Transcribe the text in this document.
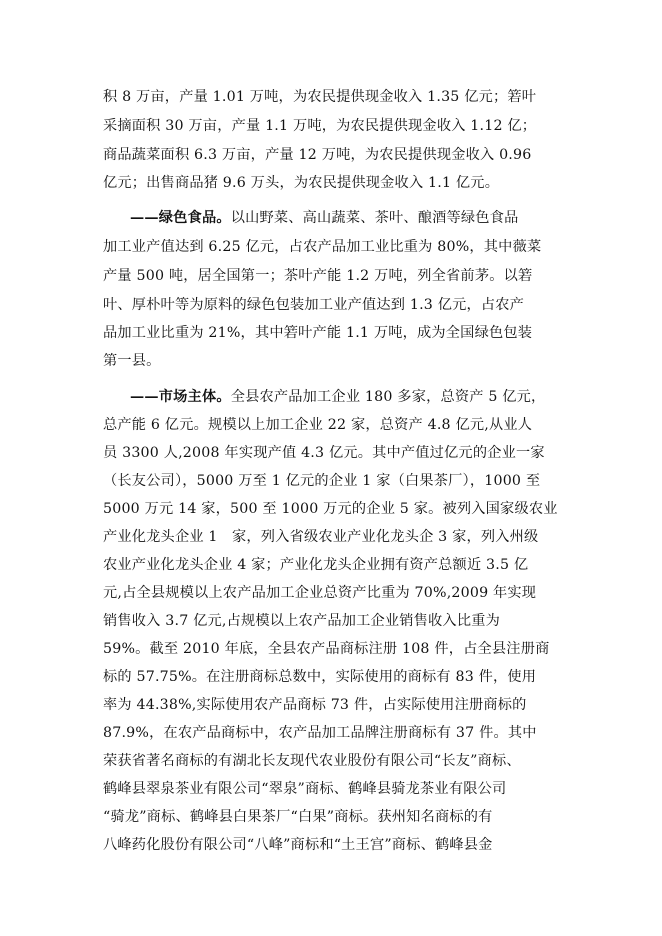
积 8 万亩，产量 1.01 万吨，为农民提供现金收入 1.35 亿元；箬叶
采摘面积 30 万亩，产量 1.1 万吨，为农民提供现金收入 1.12 亿；
商品蔬菜面积 6.3 万亩，产量 12 万吨，为农民提供现金收入 0.96
亿元；出售商品猪 9.6 万头，为农民提供现金收入 1.1 亿元。
——绿色食品。以山野菜、高山蔬菜、茶叶、酿酒等绿色食品
加工业产值达到 6.25 亿元，占农产品加工业比重为 80%，其中薇菜
产量 500 吨，居全国第一；茶叶产能 1.2 万吨，列全省前茅。以箬
叶、厚朴叶等为原料的绿色包装加工业产值达到 1.3 亿元，占农产
品加工业比重为 21%，其中箬叶产能 1.1 万吨，成为全国绿色包装
第一县。
——市场主体。全县农产品加工企业 180 多家，总资产 5 亿元，
总产能 6 亿元。规模以上加工企业 22 家，总资产 4.8 亿元,从业人
员 3300 人,2008 年实现产值 4.3 亿元。其中产值过亿元的企业一家
（长友公司），5000 万至 1 亿元的企业 1 家（白果茶厂），1000 至
5000 万元 14 家，500 至 1000 万元的企业 5 家。被列入国家级农业
产业化龙头企业 1　家，列入省级农业产业化龙头企 3 家，列入州级
农业产业化龙头企业 4 家；产业化龙头企业拥有资产总额近 3.5 亿
元,占全县规模以上农产品加工企业总资产比重为 70%,2009 年实现
销售收入 3.7 亿元,占规模以上农产品加工企业销售收入比重为
59%。截至 2010 年底，全县农产品商标注册 108 件，占全县注册商
标的 57.75%。在注册商标总数中，实际使用的商标有 83 件，使用
率为 44.38%,实际使用农产品商标 73 件，占实际使用注册商标的
87.9%，在农产品商标中，农产品加工品牌注册商标有 37 件。其中
荣获省著名商标的有湖北长友现代农业股份有限公司“长友”商标、
鹤峰县翠泉茶业有限公司“翠泉”商标、鹤峰县骑龙茶业有限公司
“骑龙”商标、鹤峰县白果茶厂“白果”商标。获州知名商标的有
八峰药化股份有限公司“八峰”商标和“土王宫”商标、鹤峰县金
